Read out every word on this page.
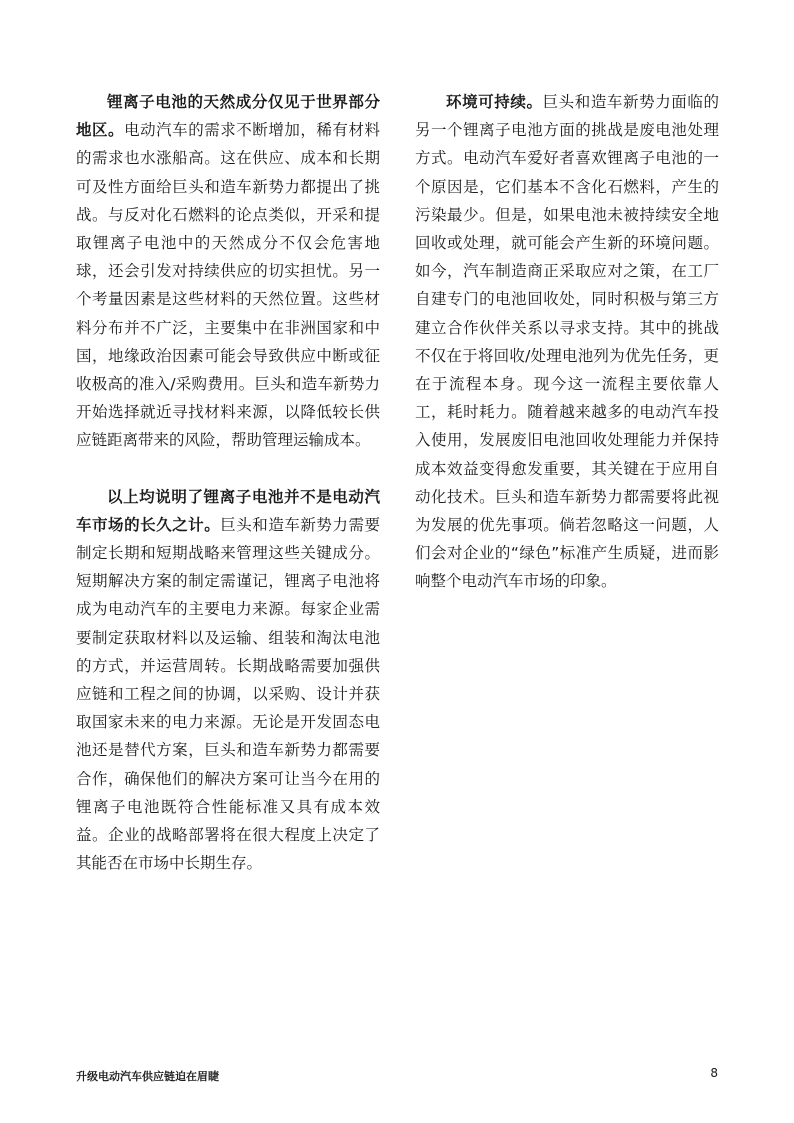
锂离子电池的天然成分仅见于世界部分地区。电动汽车的需求不断增加，稀有材料的需求也水涨船高。这在供应、成本和长期可及性方面给巨头和造车新势力都提出了挑战。与反对化石燃料的论点类似，开采和提取锂离子电池中的天然成分不仅会危害地球，还会引发对持续供应的切实担忧。另一个考量因素是这些材料的天然位置。这些材料分布并不广泛，主要集中在非洲国家和中国，地缘政治因素可能会导致供应中断或征收极高的准入/采购费用。巨头和造车新势力开始选择就近寻找材料来源，以降低较长供应链距离带来的风险，帮助管理运输成本。

以上均说明了锂离子电池并不是电动汽车市场的长久之计。巨头和造车新势力需要制定长期和短期战略来管理这些关键成分。短期解决方案的制定需谨记，锂离子电池将成为电动汽车的主要电力来源。每家企业需要制定获取材料以及运输、组装和淘汰电池的方式，并运营周转。长期战略需要加强供应链和工程之间的协调，以采购、设计并获取国家未来的电力来源。无论是开发固态电池还是替代方案，巨头和造车新势力都需要合作，确保他们的解决方案可让当今在用的锂离子电池既符合性能标准又具有成本效益。企业的战略部署将在很大程度上决定了其能否在市场中长期生存。

环境可持续。巨头和造车新势力面临的另一个锂离子电池方面的挑战是废电池处理方式。电动汽车爱好者喜欢锂离子电池的一个原因是，它们基本不含化石燃料，产生的污染最少。但是，如果电池未被持续安全地回收或处理，就可能会产生新的环境问题。如今，汽车制造商正采取应对之策，在工厂自建专门的电池回收处，同时积极与第三方建立合作伙伴关系以寻求支持。其中的挑战不仅在于将回收/处理电池列为优先任务，更在于流程本身。现今这一流程主要依靠人工，耗时耗力。随着越来越多的电动汽车投入使用，发展废旧电池回收处理能力并保持成本效益变得愈发重要，其关键在于应用自动化技术。巨头和造车新势力都需要将此视为发展的优先事项。倘若忽略这一问题，人们会对企业的“绿色”标准产生质疑，进而影响整个电动汽车市场的印象。

升级电动汽车供应链迫在眉睫	8
